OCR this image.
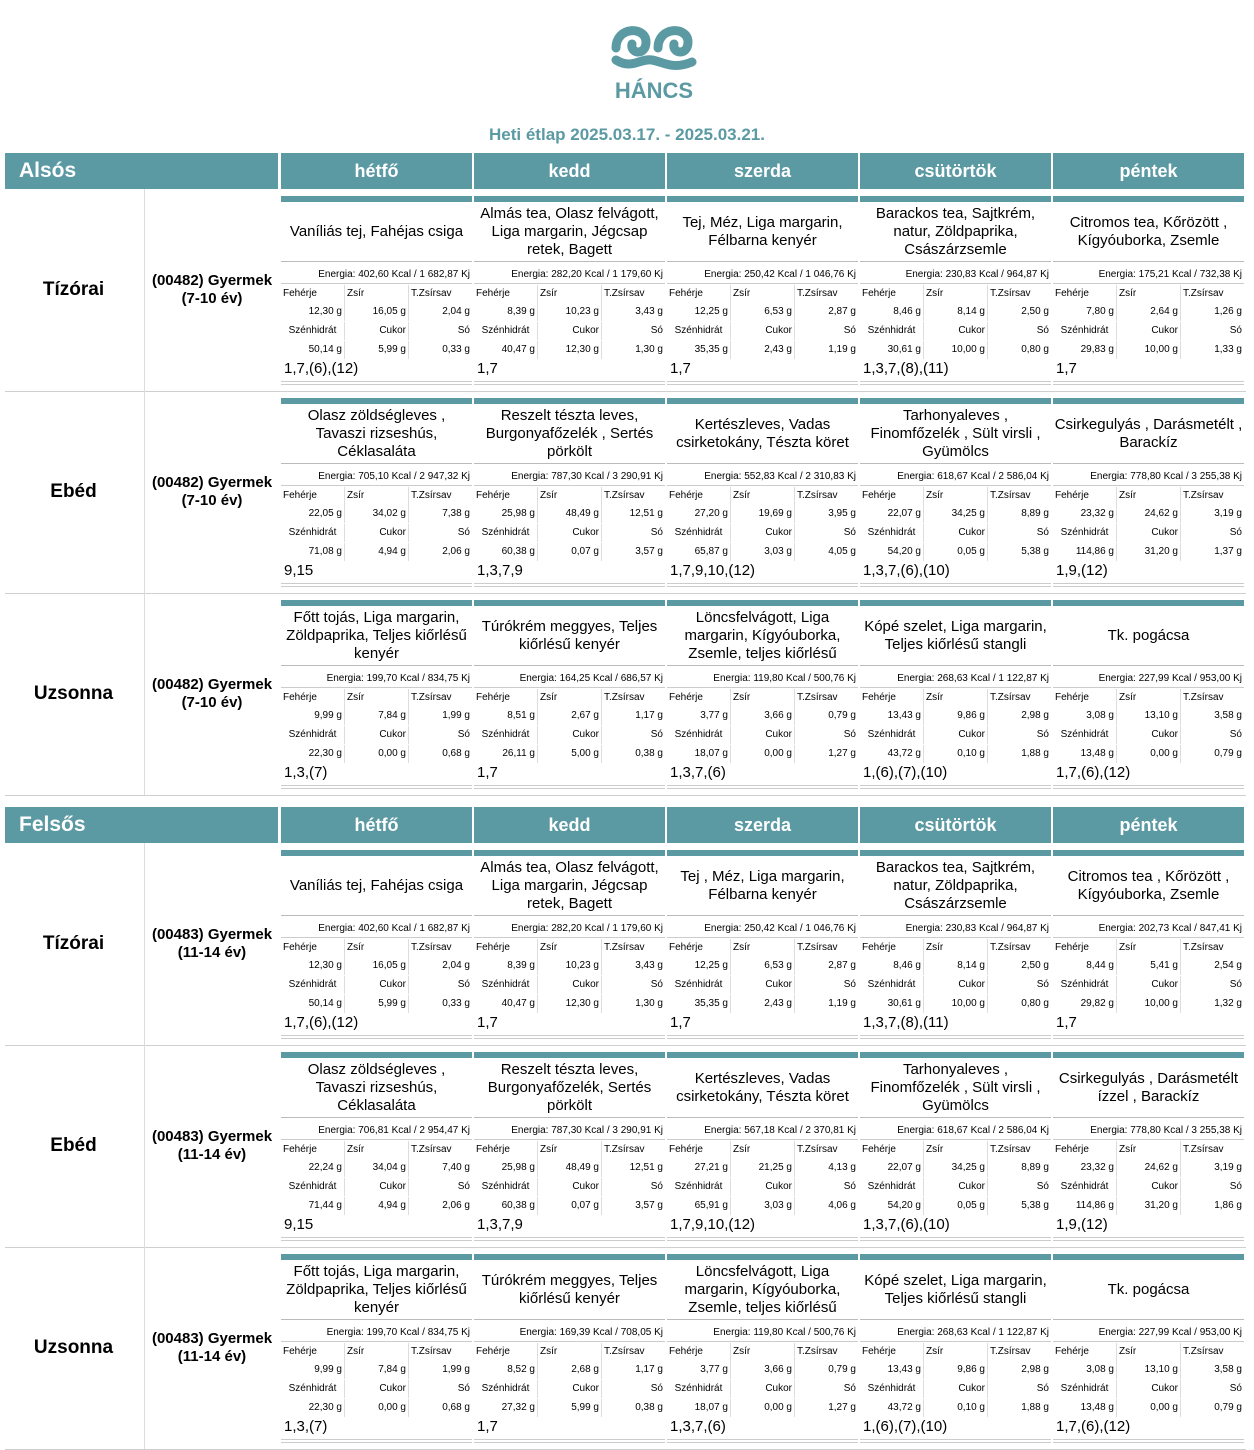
HÁNCS
Heti étlap 2025.03.17. - 2025.03.21.
Alsós	hétfő	kedd	szerda	csütörtök	péntek
Tízórai	(00482) Gyermek (7-10 év)
Vaníliás tej, Fahéjas csiga
Energia: 402,60 Kcal / 1 682,87 Kj
Fehérje	Zsír	T.Zsírsav
12,30 g	16,05 g	2,04 g
Szénhidrát	Cukor	Só
50,14 g	5,99 g	0,33 g
1,7,(6),(12)
Almás tea, Olasz felvágott, Liga margarin, Jégcsap retek, Bagett
Energia: 282,20 Kcal / 1 179,60 Kj
Fehérje	Zsír	T.Zsírsav
8,39 g	10,23 g	3,43 g
Szénhidrát	Cukor	Só
40,47 g	12,30 g	1,30 g
1,7
Tej, Méz, Liga margarin, Félbarna kenyér
Energia: 250,42 Kcal / 1 046,76 Kj
Fehérje	Zsír	T.Zsírsav
12,25 g	6,53 g	2,87 g
Szénhidrát	Cukor	Só
35,35 g	2,43 g	1,19 g
1,7
Barackos tea, Sajtkrém, natur, Zöldpaprika, Császárzsemle
Energia: 230,83 Kcal / 964,87 Kj
Fehérje	Zsír	T.Zsírsav
8,46 g	8,14 g	2,50 g
Szénhidrát	Cukor	Só
30,61 g	10,00 g	0,80 g
1,3,7,(8),(11)
Citromos tea, Kőrözött , Kígyóuborka, Zsemle
Energia: 175,21 Kcal / 732,38 Kj
Fehérje	Zsír	T.Zsírsav
7,80 g	2,64 g	1,26 g
Szénhidrát	Cukor	Só
29,83 g	10,00 g	1,33 g
1,7
Ebéd	(00482) Gyermek (7-10 év)
Olasz zöldségleves , Tavaszi rizseshús, Céklasaláta
Energia: 705,10 Kcal / 2 947,32 Kj
Fehérje	Zsír	T.Zsírsav
22,05 g	34,02 g	7,38 g
Szénhidrát	Cukor	Só
71,08 g	4,94 g	2,06 g
9,15
Reszelt tészta leves, Burgonyafőzelék , Sertés pörkölt
Energia: 787,30 Kcal / 3 290,91 Kj
Fehérje	Zsír	T.Zsírsav
25,98 g	48,49 g	12,51 g
Szénhidrát	Cukor	Só
60,38 g	0,07 g	3,57 g
1,3,7,9
Kertészleves, Vadas csirketokány, Tészta köret
Energia: 552,83 Kcal / 2 310,83 Kj
Fehérje	Zsír	T.Zsírsav
27,20 g	19,69 g	3,95 g
Szénhidrát	Cukor	Só
65,87 g	3,03 g	4,05 g
1,7,9,10,(12)
Tarhonyaleves , Finomfőzelék , Sült virsli , Gyümölcs
Energia: 618,67 Kcal / 2 586,04 Kj
Fehérje	Zsír	T.Zsírsav
22,07 g	34,25 g	8,89 g
Szénhidrát	Cukor	Só
54,20 g	0,05 g	5,38 g
1,3,7,(6),(10)
Csirkegulyás , Darásmetélt , Barackíz
Energia: 778,80 Kcal / 3 255,38 Kj
Fehérje	Zsír	T.Zsírsav
23,32 g	24,62 g	3,19 g
Szénhidrát	Cukor	Só
114,86 g	31,20 g	1,37 g
1,9,(12)
Uzsonna	(00482) Gyermek (7-10 év)
Főtt tojás, Liga margarin, Zöldpaprika, Teljes kiőrlésű kenyér
Energia: 199,70 Kcal / 834,75 Kj
Fehérje	Zsír	T.Zsírsav
9,99 g	7,84 g	1,99 g
Szénhidrát	Cukor	Só
22,30 g	0,00 g	0,68 g
1,3,(7)
Túrókrém meggyes, Teljes kiőrlésű kenyér
Energia: 164,25 Kcal / 686,57 Kj
Fehérje	Zsír	T.Zsírsav
8,51 g	2,67 g	1,17 g
Szénhidrát	Cukor	Só
26,11 g	5,00 g	0,38 g
1,7
Löncsfelvágott, Liga margarin, Kígyóuborka, Zsemle, teljes kiőrlésű
Energia: 119,80 Kcal / 500,76 Kj
Fehérje	Zsír	T.Zsírsav
3,77 g	3,66 g	0,79 g
Szénhidrát	Cukor	Só
18,07 g	0,00 g	1,27 g
1,3,7,(6)
Kópé szelet, Liga margarin, Teljes kiőrlésű stangli
Energia: 268,63 Kcal / 1 122,87 Kj
Fehérje	Zsír	T.Zsírsav
13,43 g	9,86 g	2,98 g
Szénhidrát	Cukor	Só
43,72 g	0,10 g	1,88 g
1,(6),(7),(10)
Tk. pogácsa
Energia: 227,99 Kcal / 953,00 Kj
Fehérje	Zsír	T.Zsírsav
3,08 g	13,10 g	3,58 g
Szénhidrát	Cukor	Só
13,48 g	0,00 g	0,79 g
1,7,(6),(12)
Felsős	hétfő	kedd	szerda	csütörtök	péntek
Tízórai	(00483) Gyermek (11-14 év)
Vaníliás tej, Fahéjas csiga
Energia: 402,60 Kcal / 1 682,87 Kj
Fehérje	Zsír	T.Zsírsav
12,30 g	16,05 g	2,04 g
Szénhidrát	Cukor	Só
50,14 g	5,99 g	0,33 g
1,7,(6),(12)
Almás tea, Olasz felvágott, Liga margarin, Jégcsap retek, Bagett
Energia: 282,20 Kcal / 1 179,60 Kj
Fehérje	Zsír	T.Zsírsav
8,39 g	10,23 g	3,43 g
Szénhidrát	Cukor	Só
40,47 g	12,30 g	1,30 g
1,7
Tej , Méz, Liga margarin, Félbarna kenyér
Energia: 250,42 Kcal / 1 046,76 Kj
Fehérje	Zsír	T.Zsírsav
12,25 g	6,53 g	2,87 g
Szénhidrát	Cukor	Só
35,35 g	2,43 g	1,19 g
1,7
Barackos tea, Sajtkrém, natur, Zöldpaprika, Császárzsemle
Energia: 230,83 Kcal / 964,87 Kj
Fehérje	Zsír	T.Zsírsav
8,46 g	8,14 g	2,50 g
Szénhidrát	Cukor	Só
30,61 g	10,00 g	0,80 g
1,3,7,(8),(11)
Citromos tea , Kőrözött , Kígyóuborka, Zsemle
Energia: 202,73 Kcal / 847,41 Kj
Fehérje	Zsír	T.Zsírsav
8,44 g	5,41 g	2,54 g
Szénhidrát	Cukor	Só
29,82 g	10,00 g	1,32 g
1,7
Ebéd	(00483) Gyermek (11-14 év)
Olasz zöldségleves , Tavaszi rizseshús, Céklasaláta
Energia: 706,81 Kcal / 2 954,47 Kj
Fehérje	Zsír	T.Zsírsav
22,24 g	34,04 g	7,40 g
Szénhidrát	Cukor	Só
71,44 g	4,94 g	2,06 g
9,15
Reszelt tészta leves, Burgonyafőzelék, Sertés pörkölt
Energia: 787,30 Kcal / 3 290,91 Kj
Fehérje	Zsír	T.Zsírsav
25,98 g	48,49 g	12,51 g
Szénhidrát	Cukor	Só
60,38 g	0,07 g	3,57 g
1,3,7,9
Kertészleves, Vadas csirketokány, Tészta köret
Energia: 567,18 Kcal / 2 370,81 Kj
Fehérje	Zsír	T.Zsírsav
27,21 g	21,25 g	4,13 g
Szénhidrát	Cukor	Só
65,91 g	3,03 g	4,06 g
1,7,9,10,(12)
Tarhonyaleves , Finomfőzelék , Sült virsli , Gyümölcs
Energia: 618,67 Kcal / 2 586,04 Kj
Fehérje	Zsír	T.Zsírsav
22,07 g	34,25 g	8,89 g
Szénhidrát	Cukor	Só
54,20 g	0,05 g	5,38 g
1,3,7,(6),(10)
Csirkegulyás , Darásmetélt ízzel , Barackíz
Energia: 778,80 Kcal / 3 255,38 Kj
Fehérje	Zsír	T.Zsírsav
23,32 g	24,62 g	3,19 g
Szénhidrát	Cukor	Só
114,86 g	31,20 g	1,86 g
1,9,(12)
Uzsonna	(00483) Gyermek (11-14 év)
Főtt tojás, Liga margarin, Zöldpaprika, Teljes kiőrlésű kenyér
Energia: 199,70 Kcal / 834,75 Kj
Fehérje	Zsír	T.Zsírsav
9,99 g	7,84 g	1,99 g
Szénhidrát	Cukor	Só
22,30 g	0,00 g	0,68 g
1,3,(7)
Túrókrém meggyes, Teljes kiőrlésű kenyér
Energia: 169,39 Kcal / 708,05 Kj
Fehérje	Zsír	T.Zsírsav
8,52 g	2,68 g	1,17 g
Szénhidrát	Cukor	Só
27,32 g	5,99 g	0,38 g
1,7
Löncsfelvágott, Liga margarin, Kígyóuborka, Zsemle, teljes kiőrlésű
Energia: 119,80 Kcal / 500,76 Kj
Fehérje	Zsír	T.Zsírsav
3,77 g	3,66 g	0,79 g
Szénhidrát	Cukor	Só
18,07 g	0,00 g	1,27 g
1,3,7,(6)
Kópé szelet, Liga margarin, Teljes kiőrlésű stangli
Energia: 268,63 Kcal / 1 122,87 Kj
Fehérje	Zsír	T.Zsírsav
13,43 g	9,86 g	2,98 g
Szénhidrát	Cukor	Só
43,72 g	0,10 g	1,88 g
1,(6),(7),(10)
Tk. pogácsa
Energia: 227,99 Kcal / 953,00 Kj
Fehérje	Zsír	T.Zsírsav
3,08 g	13,10 g	3,58 g
Szénhidrát	Cukor	Só
13,48 g	0,00 g	0,79 g
1,7,(6),(12)
